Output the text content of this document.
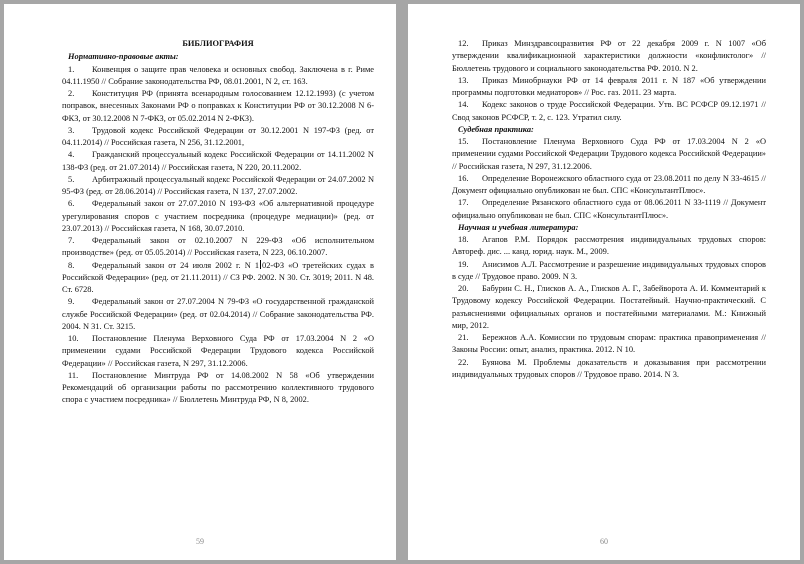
БИБЛИОГРАФИЯ
Нормативно-правовые акты:

1. Конвенция о защите прав человека и основных свобод. Заключена в г. Риме 04.11.1950 // Собрание законодательства РФ, 08.01.2001, N 2, ст. 163.

2. Конституция РФ (принята всенародным голосованием 12.12.1993) (с учетом поправок, внесенных Законами РФ о поправках к Конституции РФ от 30.12.2008 N 6-ФКЗ, от 30.12.2008 N 7-ФКЗ, от 05.02.2014 N 2-ФКЗ).

3. Трудовой кодекс Российской Федерации от 30.12.2001 N 197-ФЗ (ред. от 04.11.2014) // Российская газета, N 256, 31.12.2001,

4. Гражданский процессуальный кодекс Российской Федерации от 14.11.2002 N 138-ФЗ (ред. от 21.07.2014) // Российская газета, N 220, 20.11.2002.

5. Арбитражный процессуальный кодекс Российской Федерации от 24.07.2002 N 95-ФЗ (ред. от 28.06.2014) // Российская газета, N 137, 27.07.2002.

6. Федеральный закон от 27.07.2010 N 193-ФЗ «Об альтернативной процедуре урегулирования споров с участием посредника (процедуре медиации)» (ред. от 23.07.2013) // Российская газета, N 168, 30.07.2010.

7. Федеральный закон от 02.10.2007 N 229-ФЗ «Об исполнительном производстве» (ред. от 05.05.2014) // Российская газета, N 223, 06.10.2007.

8. Федеральный закон от 24 июля 2002 г. N 1 02-ФЗ «О третейских судах в Российской Федерации» (ред. от 21.11.2011) // СЗ РФ. 2002. N 30. Ст. 3019; 2011. N 48. Ст. 6728.

9. Федеральный закон от 27.07.2004 N 79-ФЗ «О государственной гражданской службе Российской Федерации» (ред. от 02.04.2014) // Собрание законодательства РФ. 2004. N 31. Ст. 3215.

10. Постановление Пленума Верховного Суда РФ от 17.03.2004 N 2 «О применении судами Российской Федерации Трудового кодекса Российской Федерации» // Российская газета, N 297, 31.12.2006.

11. Постановление Минтруда РФ от 14.08.2002 N 58 «Об утверждении Рекомендаций об организации работы по рассмотрению коллективного трудового спора с участием посредника» // Бюллетень Минтруда РФ, N 8, 2002.

59

12. Приказ Минздравсоцразвития РФ от 22 декабря 2009 г. N 1007 «Об утверждении квалификационной характеристики должности «конфликтолог» // Бюллетень трудового и социального законодательства РФ. 2010. N 2.

13. Приказ Минобрнауки РФ от 14 февраля 2011 г. N 187 «Об утверждении программы подготовки медиаторов» // Рос. газ. 2011. 23 марта.

14. Кодекс законов о труде Российской Федерации. Утв. ВС РСФСР 09.12.1971 // Свод законов РСФСР, т. 2, с. 123. Утратил силу.

Судебная практика:

15. Постановление Пленума Верховного Суда РФ от 17.03.2004 N 2 «О применении судами Российской Федерации Трудового кодекса Российской Федерации» // Российская газета, N 297, 31.12.2006.

16. Определение Воронежского областного суда от 23.08.2011 по делу N 33-4615 // Документ официально опубликован не был. СПС «КонсультантПлюс».

17. Определение Рязанского областного суда от 08.06.2011 N 33-1119 // Документ официально опубликован не был. СПС «КонсультантПлюс».

Научная и учебная литература:

18. Агапов Р.М. Порядок рассмотрения индивидуальных трудовых споров: Автореф. дис. ... канд. юрид. наук. М., 2009.

19. Анисимов А.Л. Рассмотрение и разрешение индивидуальных трудовых споров в суде // Трудовое право. 2009. N 3.

20. Бабурин С. Н., Глисков А. А., Глисков А. Г., Забейворота А. И. Комментарий к Трудовому кодексу Российской Федерации. Постатейный. Научно-практический. С разъяснениями официальных органов и постатейными материалами. М.: Книжный мир, 2012.

21. Бережнов А.А. Комиссии по трудовым спорам: практика правоприменения // Законы России: опыт, анализ, практика. 2012. N 10.

22. Буянова М. Проблемы доказательств и доказывания при рассмотрении индивидуальных трудовых споров // Трудовое право. 2014. N 3.

60
